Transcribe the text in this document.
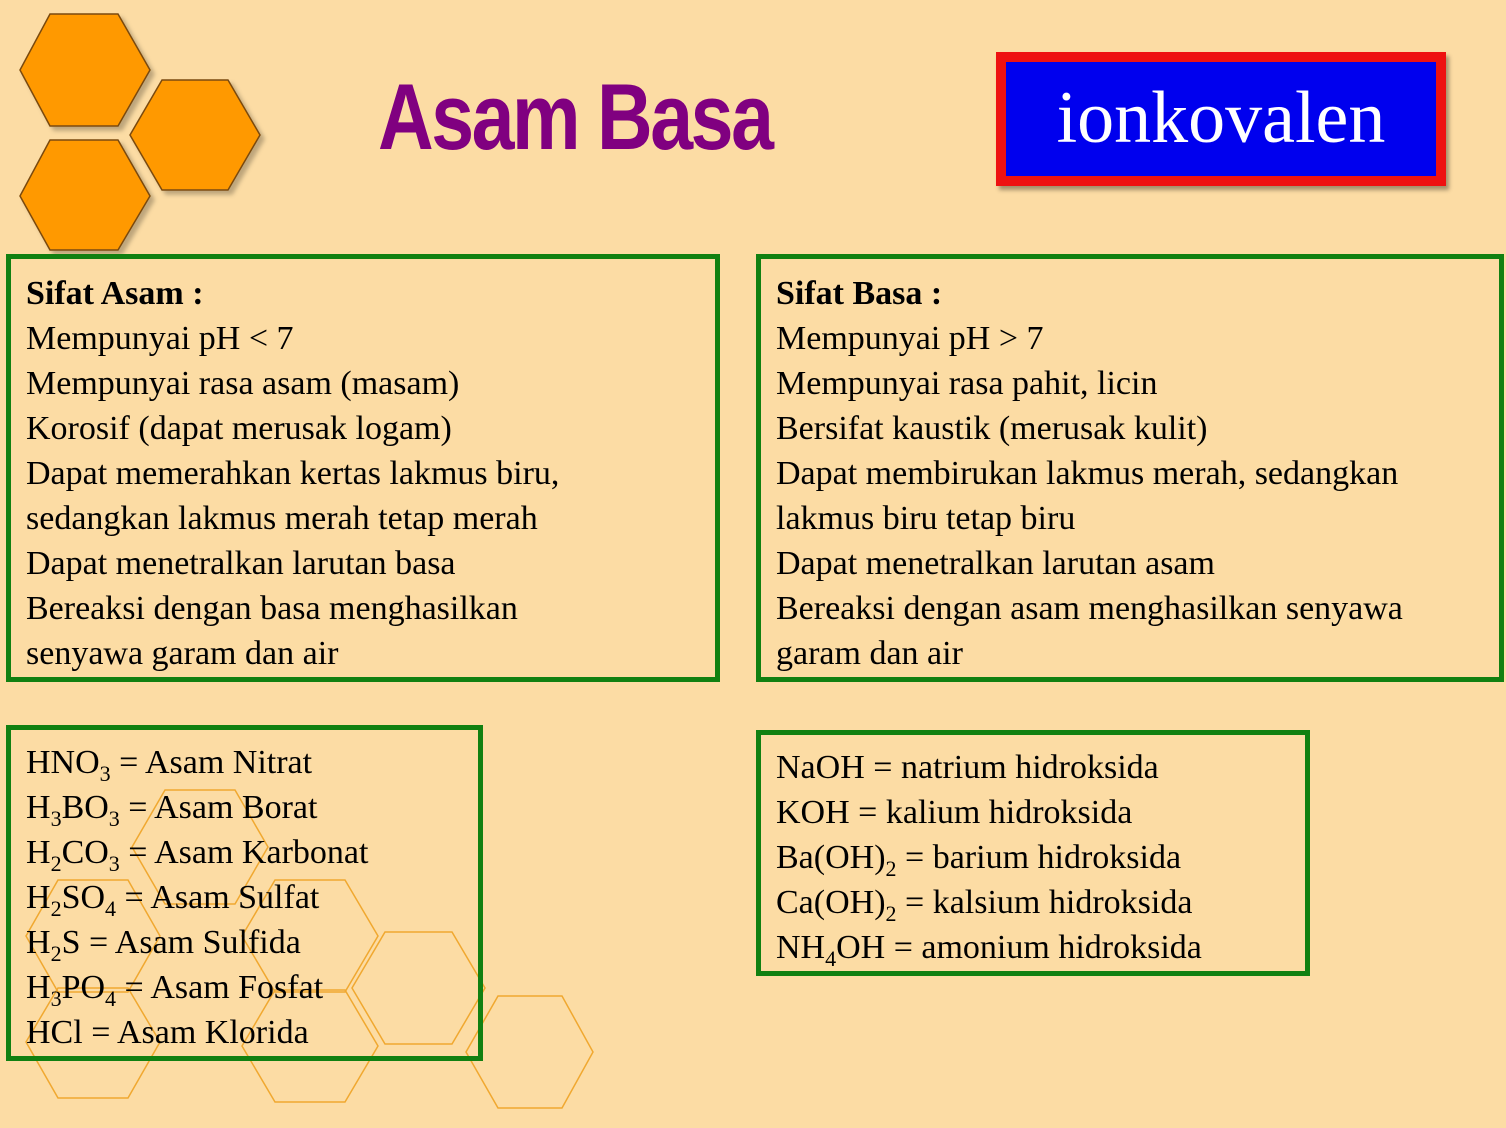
Asam Basa	ionkovalen
Sifat Asam :
Mempunyai pH < 7
Mempunyai rasa asam (masam)
Korosif (dapat merusak logam)
Dapat memerahkan kertas lakmus biru,
sedangkan lakmus merah tetap merah
Dapat menetralkan larutan basa
Bereaksi dengan basa menghasilkan
senyawa garam dan air
Sifat Basa :
Mempunyai pH > 7
Mempunyai rasa pahit, licin
Bersifat kaustik (merusak kulit)
Dapat membirukan lakmus merah, sedangkan
lakmus biru tetap biru
Dapat menetralkan larutan asam
Bereaksi dengan asam menghasilkan senyawa
garam dan air
$HNO_3$ = Asam Nitrat
$H_3BO_3$ = Asam Borat
$H_2CO_3$ = Asam Karbonat
$H_2SO_4$ = Asam Sulfat
$H_2S$ = Asam Sulfida
$H_3PO_4$ = Asam Fosfat
HCl = Asam Klorida
NaOH = natrium hidroksida
KOH = kalium hidroksida
$Ba(OH)_2$ = barium hidroksida
$Ca(OH)_2$ = kalsium hidroksida
$NH_4OH$ = amonium hidroksida
